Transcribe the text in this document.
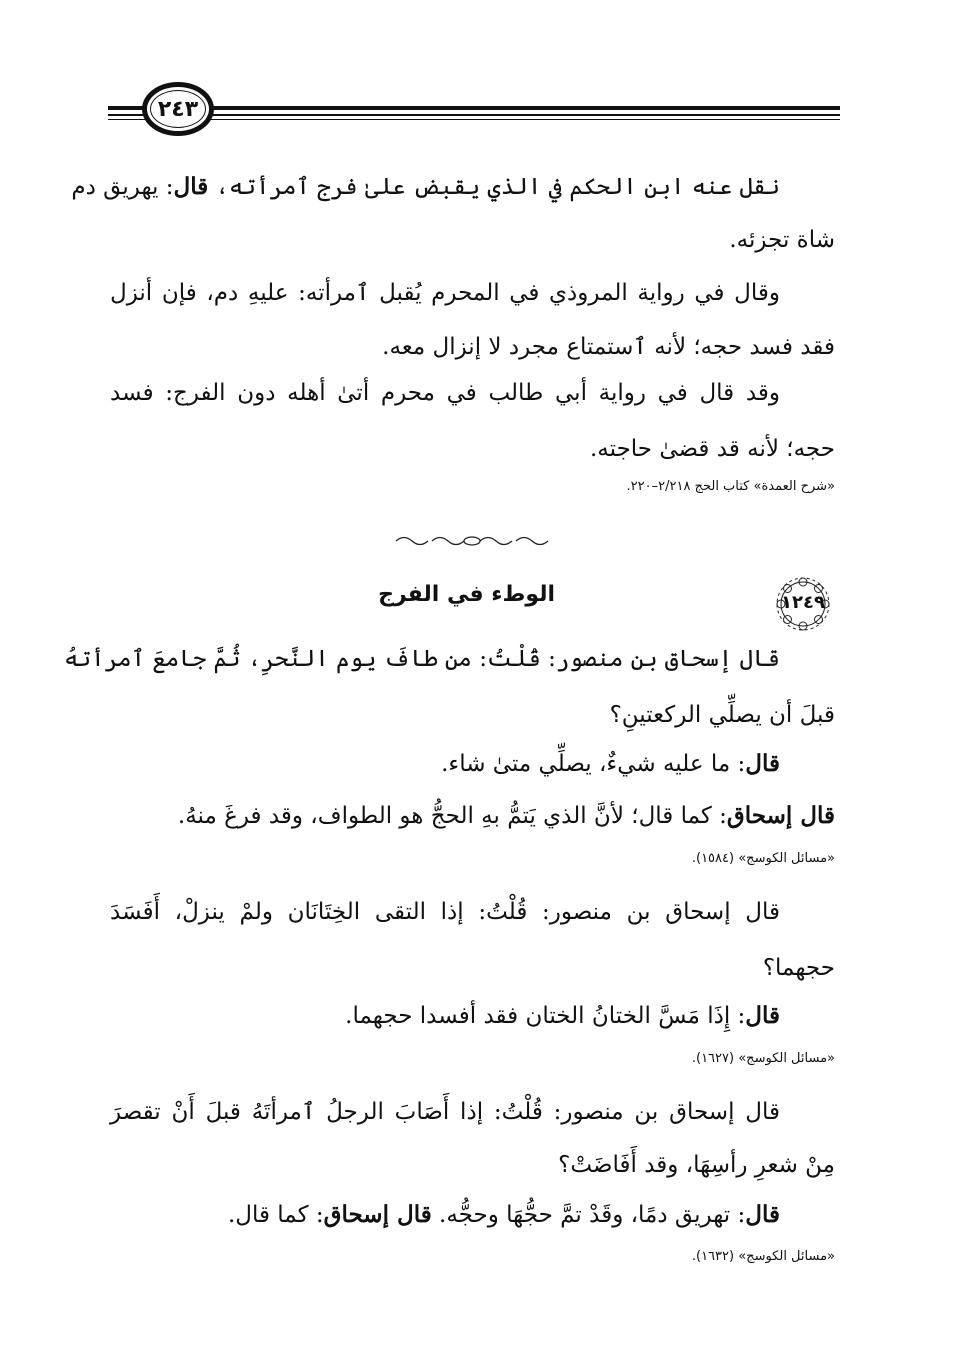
٢٤٣
نقل عنه ابن الحكم في الذي يقبض علىٰ فرج ٱمرأته، قال: يهريق دم
شاة تجزئه.
وقال في رواية المروذي في المحرم يُقبل ٱمرأته: عليهِ دم، فإن أنزل
فقد فسد حجه؛ لأنه ٱستمتاع مجرد لا إنزال معه.
وقد قال في رواية أبي طالب في محرم أتىٰ أهله دون الفرج: فسد
حجه؛ لأنه قد قضىٰ حاجته.
«شرح العمدة» كتاب الحج ٢/٢١٨–٢٢٠.
الوطء في الفرج	١٢٤٩
قال إسحاق بن منصور: قُلْتُ: من طافَ يوم النَّحرِ، ثُمَّ جامعَ ٱمرأتهُ
قبلَ أن يصلِّي الركعتينِ؟
قال: ما عليه شيءٌ، يصلِّي متىٰ شاء.
قال إسحاق: كما قال؛ لأنَّ الذي يَتمُّ بهِ الحجُّ هو الطواف، وقد فرغَ منهُ.
«مسائل الكوسج» (١٥٨٤).
قال إسحاق بن منصور: قُلْتُ: إذا التقى الخِتَانَان ولمْ ينزلْ، أَفَسَدَ
حجهما؟
قال: إِذَا مَسَّ الختانُ الختان فقد أفسدا حجهما.
«مسائل الكوسج» (١٦٢٧).
قال إسحاق بن منصور: قُلْتُ: إذا أَصَابَ الرجلُ ٱمرأتَهُ قبلَ أَنْ تقصرَ
مِنْ شعرِ رأسِهَا، وقد أَفَاضَتْ؟
قال: تهريق دمًا، وقَدْ تمَّ حجُّهَا وحجُّه. قال إسحاق: كما قال.
«مسائل الكوسج» (١٦٣٢).
